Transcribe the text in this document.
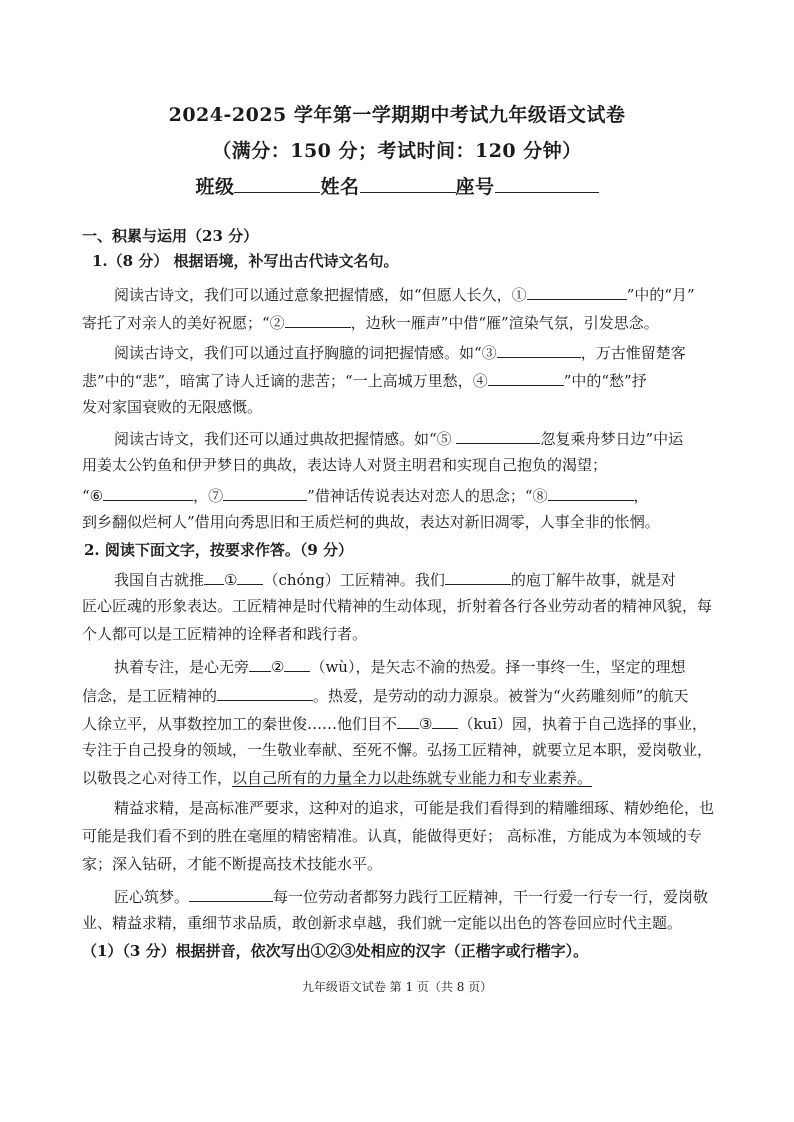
2024-2025 学年第一学期期中考试九年级语文试卷
（满分：150 分；考试时间：120 分钟）
班级	姓名	座号
一、积累与运用（23 分）
1.（8 分） 根据语境，补写出古代诗文名句。
阅读古诗文，我们可以通过意象把握情感，如“但愿人长久，①	”中的“月”
寄托了对亲人的美好祝愿；“②	，边秋一雁声”中借“雁”渲染气氛，引发思念。
阅读古诗文，我们可以通过直抒胸臆的词把握情感。如“③	，万古惟留楚客
悲”中的“悲”，暗寓了诗人迁谪的悲苦；“一上高城万里愁，④	”中的“愁”抒
发对家国衰败的无限感慨。
阅读古诗文，我们还可以通过典故把握情感。如“⑤	忽复乘舟梦日边”中运
用姜太公钓鱼和伊尹梦日的典故，表达诗人对贤主明君和实现自己抱负的渴望；
“⑥	，⑦	”借神话传说表达对恋人的思念；“⑧	，
到乡翻似烂柯人”借用向秀思旧和王质烂柯的典故，表达对新旧凋零，人事全非的怅惘。
2. 阅读下面文字，按要求作答。（9 分）
我国自古就推 ① （chóng）工匠精神。我们	的庖丁解牛故事，就是对
匠心匠魂的形象表达。工匠精神是时代精神的生动体现，折射着各行各业劳动者的精神风貌，每
个人都可以是工匠精神的诠释者和践行者。
执着专注，是心无旁 ② （wù），是矢志不渝的热爱。择一事终一生，坚定的理想
信念，是工匠精神的	。热爱，是劳动的动力源泉。被誉为“火药雕刻师”的航天
人徐立平，从事数控加工的秦世俊……他们目不 ③ （kuī）园，执着于自己选择的事业，
专注于自己投身的领域，一生敬业奉献、至死不懈。弘扬工匠精神，就要立足本职，爱岗敬业，
以敬畏之心对待工作，以自己所有的力量全力以赴练就专业能力和专业素养。
精益求精，是高标准严要求，这种对的追求，可能是我们看得到的精雕细琢、精妙绝伦，也
可能是我们看不到的胜在毫厘的精密精准。认真，能做得更好； 高标准，方能成为本领域的专
家；深入钻研，才能不断提高技术技能水平。
匠心筑梦。	每一位劳动者都努力践行工匠精神，干一行爱一行专一行，爱岗敬
业、精益求精，重细节求品质，敢创新求卓越，我们就一定能以出色的答卷回应时代主题。
（1）（3 分）根据拼音，依次写出①②③处相应的汉字（正楷字或行楷字）。
九年级语文试卷 第 1 页（共 8 页）
